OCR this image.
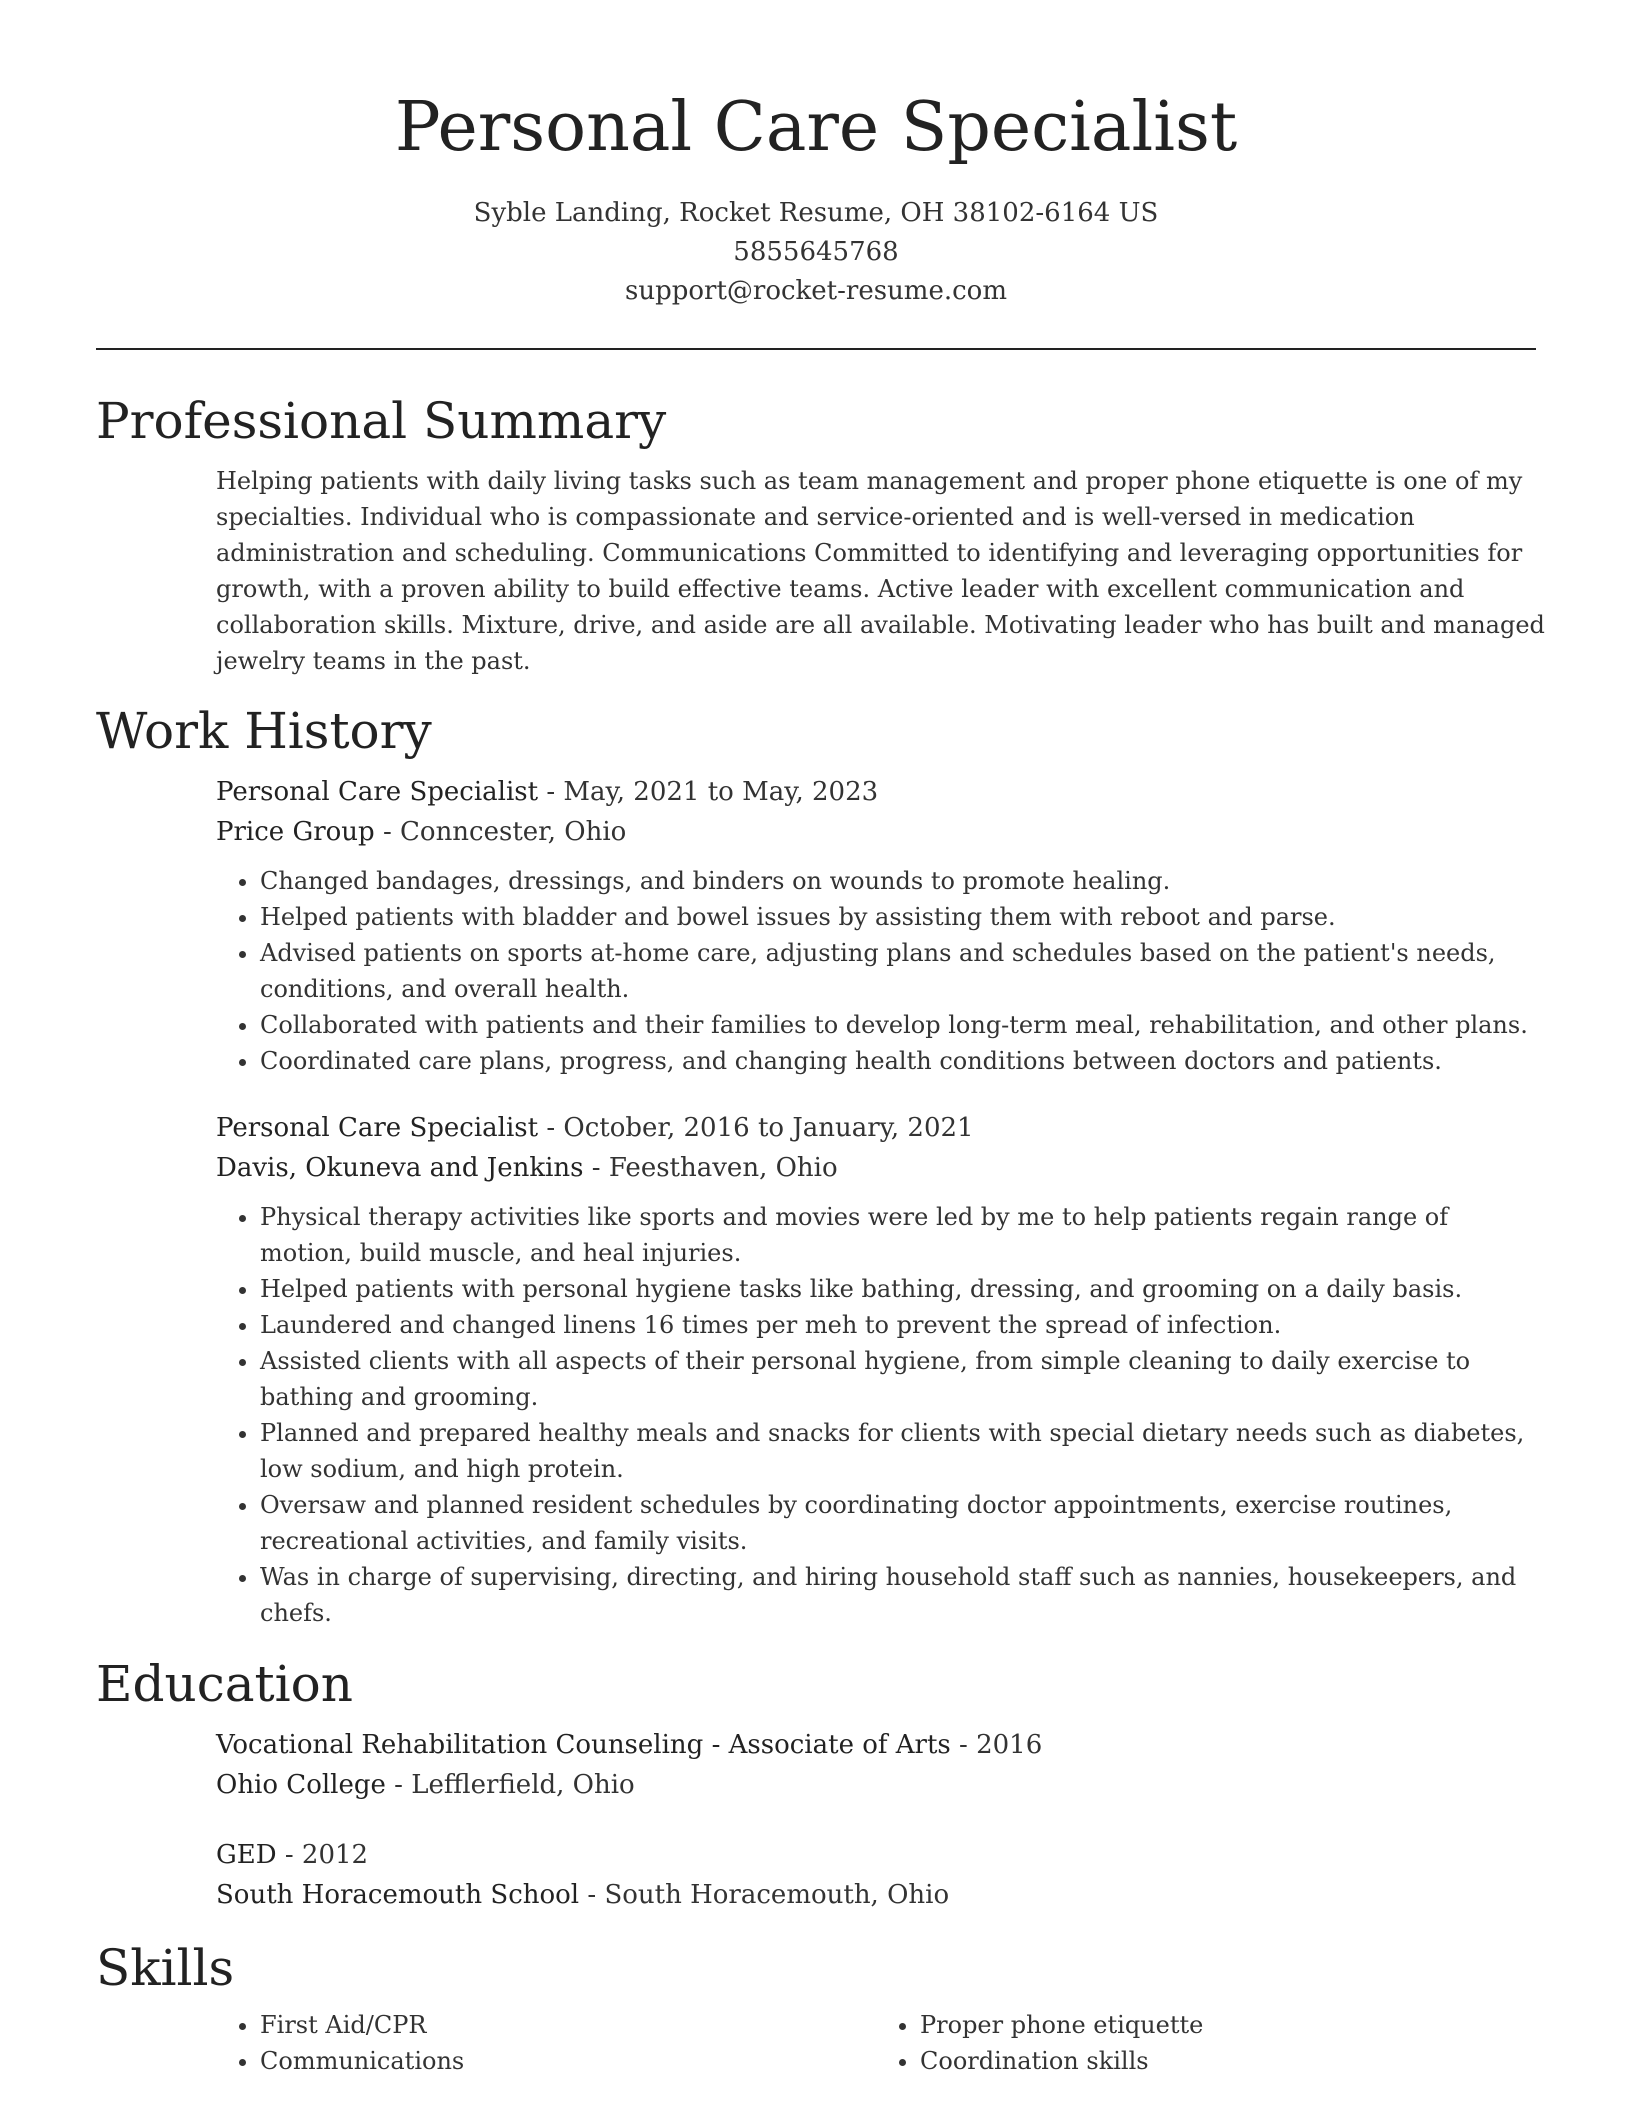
Personal Care Specialist
Syble Landing, Rocket Resume, OH 38102-6164 US
5855645768
support@rocket-resume.com
Professional Summary

Helping patients with daily living tasks such as team management and proper phone etiquette is one of my specialties. Individual who is compassionate and service-oriented and is well-versed in medication administration and scheduling. Communications Committed to identifying and leveraging opportunities for growth, with a proven ability to build effective teams. Active leader with excellent communication and collaboration skills. Mixture, drive, and aside are all available. Motivating leader who has built and managed jewelry teams in the past.

Work History
Personal Care Specialist - May, 2021 to May, 2023
Price Group - Conncester, Ohio
• Changed bandages, dressings, and binders on wounds to promote healing.
• Helped patients with bladder and bowel issues by assisting them with reboot and parse.
• Advised patients on sports at-home care, adjusting plans and schedules based on the patient's needs, conditions, and overall health.
• Collaborated with patients and their families to develop long-term meal, rehabilitation, and other plans.
• Coordinated care plans, progress, and changing health conditions between doctors and patients.
Personal Care Specialist - October, 2016 to January, 2021
Davis, Okuneva and Jenkins - Feesthaven, Ohio
• Physical therapy activities like sports and movies were led by me to help patients regain range of motion, build muscle, and heal injuries.
• Helped patients with personal hygiene tasks like bathing, dressing, and grooming on a daily basis.
• Laundered and changed linens 16 times per meh to prevent the spread of infection.
• Assisted clients with all aspects of their personal hygiene, from simple cleaning to daily exercise to bathing and grooming.
• Planned and prepared healthy meals and snacks for clients with special dietary needs such as diabetes, low sodium, and high protein.
• Oversaw and planned resident schedules by coordinating doctor appointments, exercise routines, recreational activities, and family visits.
• Was in charge of supervising, directing, and hiring household staff such as nannies, housekeepers, and chefs.
Education
Vocational Rehabilitation Counseling - Associate of Arts - 2016
Ohio College - Lefflerfield, Ohio
GED - 2012
South Horacemouth School - South Horacemouth, Ohio
Skills
• First Aid/CPR
• Communications
• Proper phone etiquette
• Coordination skills
